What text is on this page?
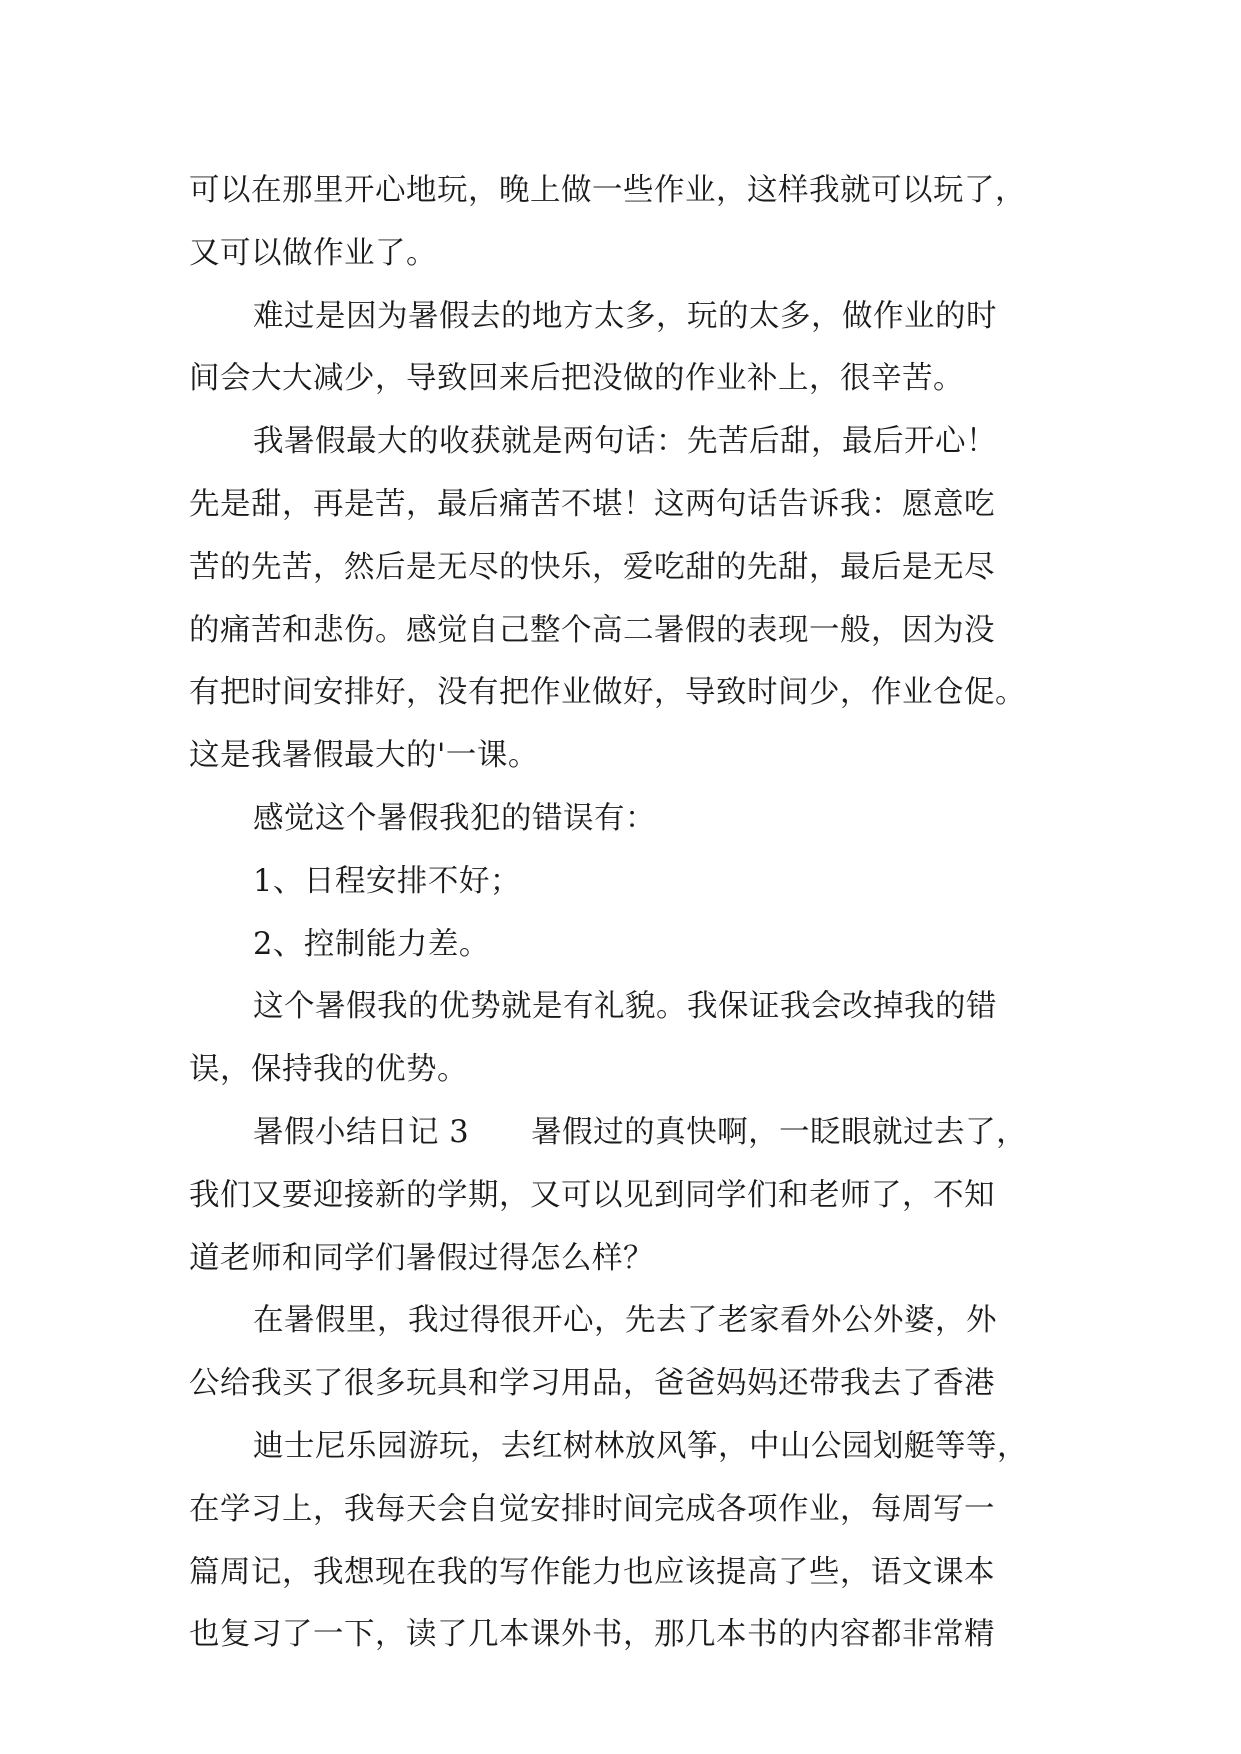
可以在那里开心地玩，晚上做一些作业，这样我就可以玩了，
又可以做作业了。
难过是因为暑假去的地方太多，玩的太多，做作业的时
间会大大减少，导致回来后把没做的作业补上，很辛苦。
我暑假最大的收获就是两句话：先苦后甜，最后开心！
先是甜，再是苦，最后痛苦不堪！这两句话告诉我：愿意吃
苦的先苦，然后是无尽的快乐，爱吃甜的先甜，最后是无尽
的痛苦和悲伤。感觉自己整个高二暑假的表现一般，因为没
有把时间安排好，没有把作业做好，导致时间少，作业仓促。
这是我暑假最大的'一课。
感觉这个暑假我犯的错误有：
1、日程安排不好；
2、控制能力差。
这个暑假我的优势就是有礼貌。我保证我会改掉我的错
误，保持我的优势。
暑假小结日记 3　　暑假过的真快啊，一眨眼就过去了，
我们又要迎接新的学期，又可以见到同学们和老师了，不知
道老师和同学们暑假过得怎么样？
在暑假里，我过得很开心，先去了老家看外公外婆，外
公给我买了很多玩具和学习用品，爸爸妈妈还带我去了香港
迪士尼乐园游玩，去红树林放风筝，中山公园划艇等等，
在学习上，我每天会自觉安排时间完成各项作业，每周写一
篇周记，我想现在我的写作能力也应该提高了些，语文课本
也复习了一下，读了几本课外书，那几本书的内容都非常精
